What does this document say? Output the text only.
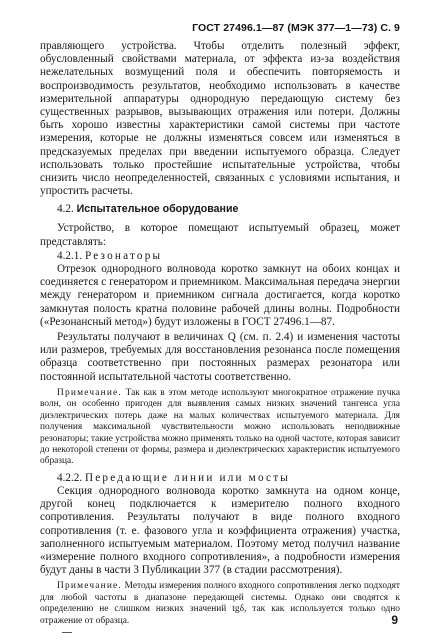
ГОСТ 27496.1—87 (МЭК 377—1—73) С. 9

правляющего устройства. Чтобы отделить полезный эффект, обусловленный свойствами материала, от эффекта из-за воздействия нежелательных возмущений поля и обеспечить повторяемость и воспроизводимость результатов, необходимо использовать в качестве измерительной аппаратуры однородную передающую систему без существенных разрывов, вызывающих отражения или потери. Должны быть хорошо известны характеристики самой системы при частоте измерения, которые не должны изменяться совсем или изменяться в предсказуемых пределах при введении испытуемого образца. Следует использовать только простейшие испытательные устройства, чтобы снизить число неопределенностей, связанных с условиями испытания, и упростить расчеты.

4.2. Испытательное оборудование

Устройство, в которое помещают испытуемый образец, может представлять:

4.2.1. Резонаторы

Отрезок однородного волновода коротко замкнут на обоих концах и соединяется с генератором и приемником. Максимальная передача энергии между генератором и приемником сигнала достигается, когда коротко замкнутая полость кратна половине рабочей длины волны. Подробности («Резонансный метод») будут изложены в ГОСТ 27496.1—87.

Результаты получают в величинах Q (см. п. 2.4) и изменения частоты или размеров, требуемых для восстановления резонанса после помещения образца соответственно при постоянных размерах резонатора или постоянной испытательной частоты соответственно.

Примечание. Так как в этом методе используют многократное отражение пучка волн, он особенно пригоден для выявления самых низких значений тангенса угла диэлектрических потерь даже на малых количествах испытуемого материала. Для получения максимальной чувствительности можно использовать неподвижные резонаторы; такие устройства можно применять только на одной частоте, которая зависит до некоторой степени от формы, размера и диэлектрических характеристик испытуемого образца.

4.2.2. Передающие линии или мосты

Секция однородного волновода коротко замкнута на одном конце, другой конец подключается к измерителю полного входного сопротивления. Результаты получают в виде полного входного сопротивления (т. е. фазового угла и коэффициента отражения) участка, заполненного испытуемым материалом. Поэтому метод получил название «измерение полного входного сопротивления», а подробности измерения будут даны в части 3 Публикации 377 (в стадии рассмотрения).

Примечание. Методы измерения полного входного сопротивления легко подходят для любой частоты в диапазоне передающей системы. Однако они сводятся к определению не слишком низких значений tgδ, так как используется только одно отражение от образца.	9
